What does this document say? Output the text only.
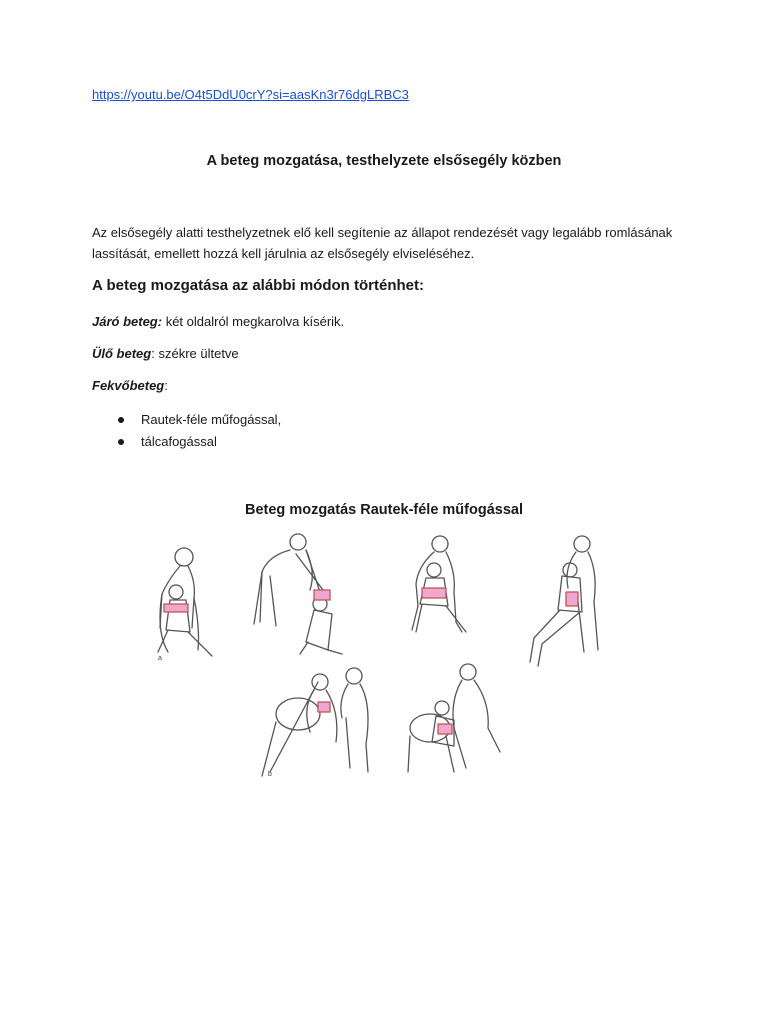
https://youtu.be/O4t5DdU0crY?si=aasKn3r76dgLRBC3
A beteg mozgatása, testhelyzete elsősegély közben
Az elsősegély alatti testhelyzetnek elő kell segítenie az állapot rendezését vagy legalább romlásának lassítását, emellett hozzá kell járulnia az elsősegély elviseléséhez.
A beteg mozgatása az alábbi módon történhet:
Járó beteg: két oldalról megkarolva kísérik.
Ülő beteg: székre ültetve
Fekvőbeteg:
Rautek-féle műfogással,
tálcafogással
Beteg mozgatás Rautek-féle műfogással
a
b
